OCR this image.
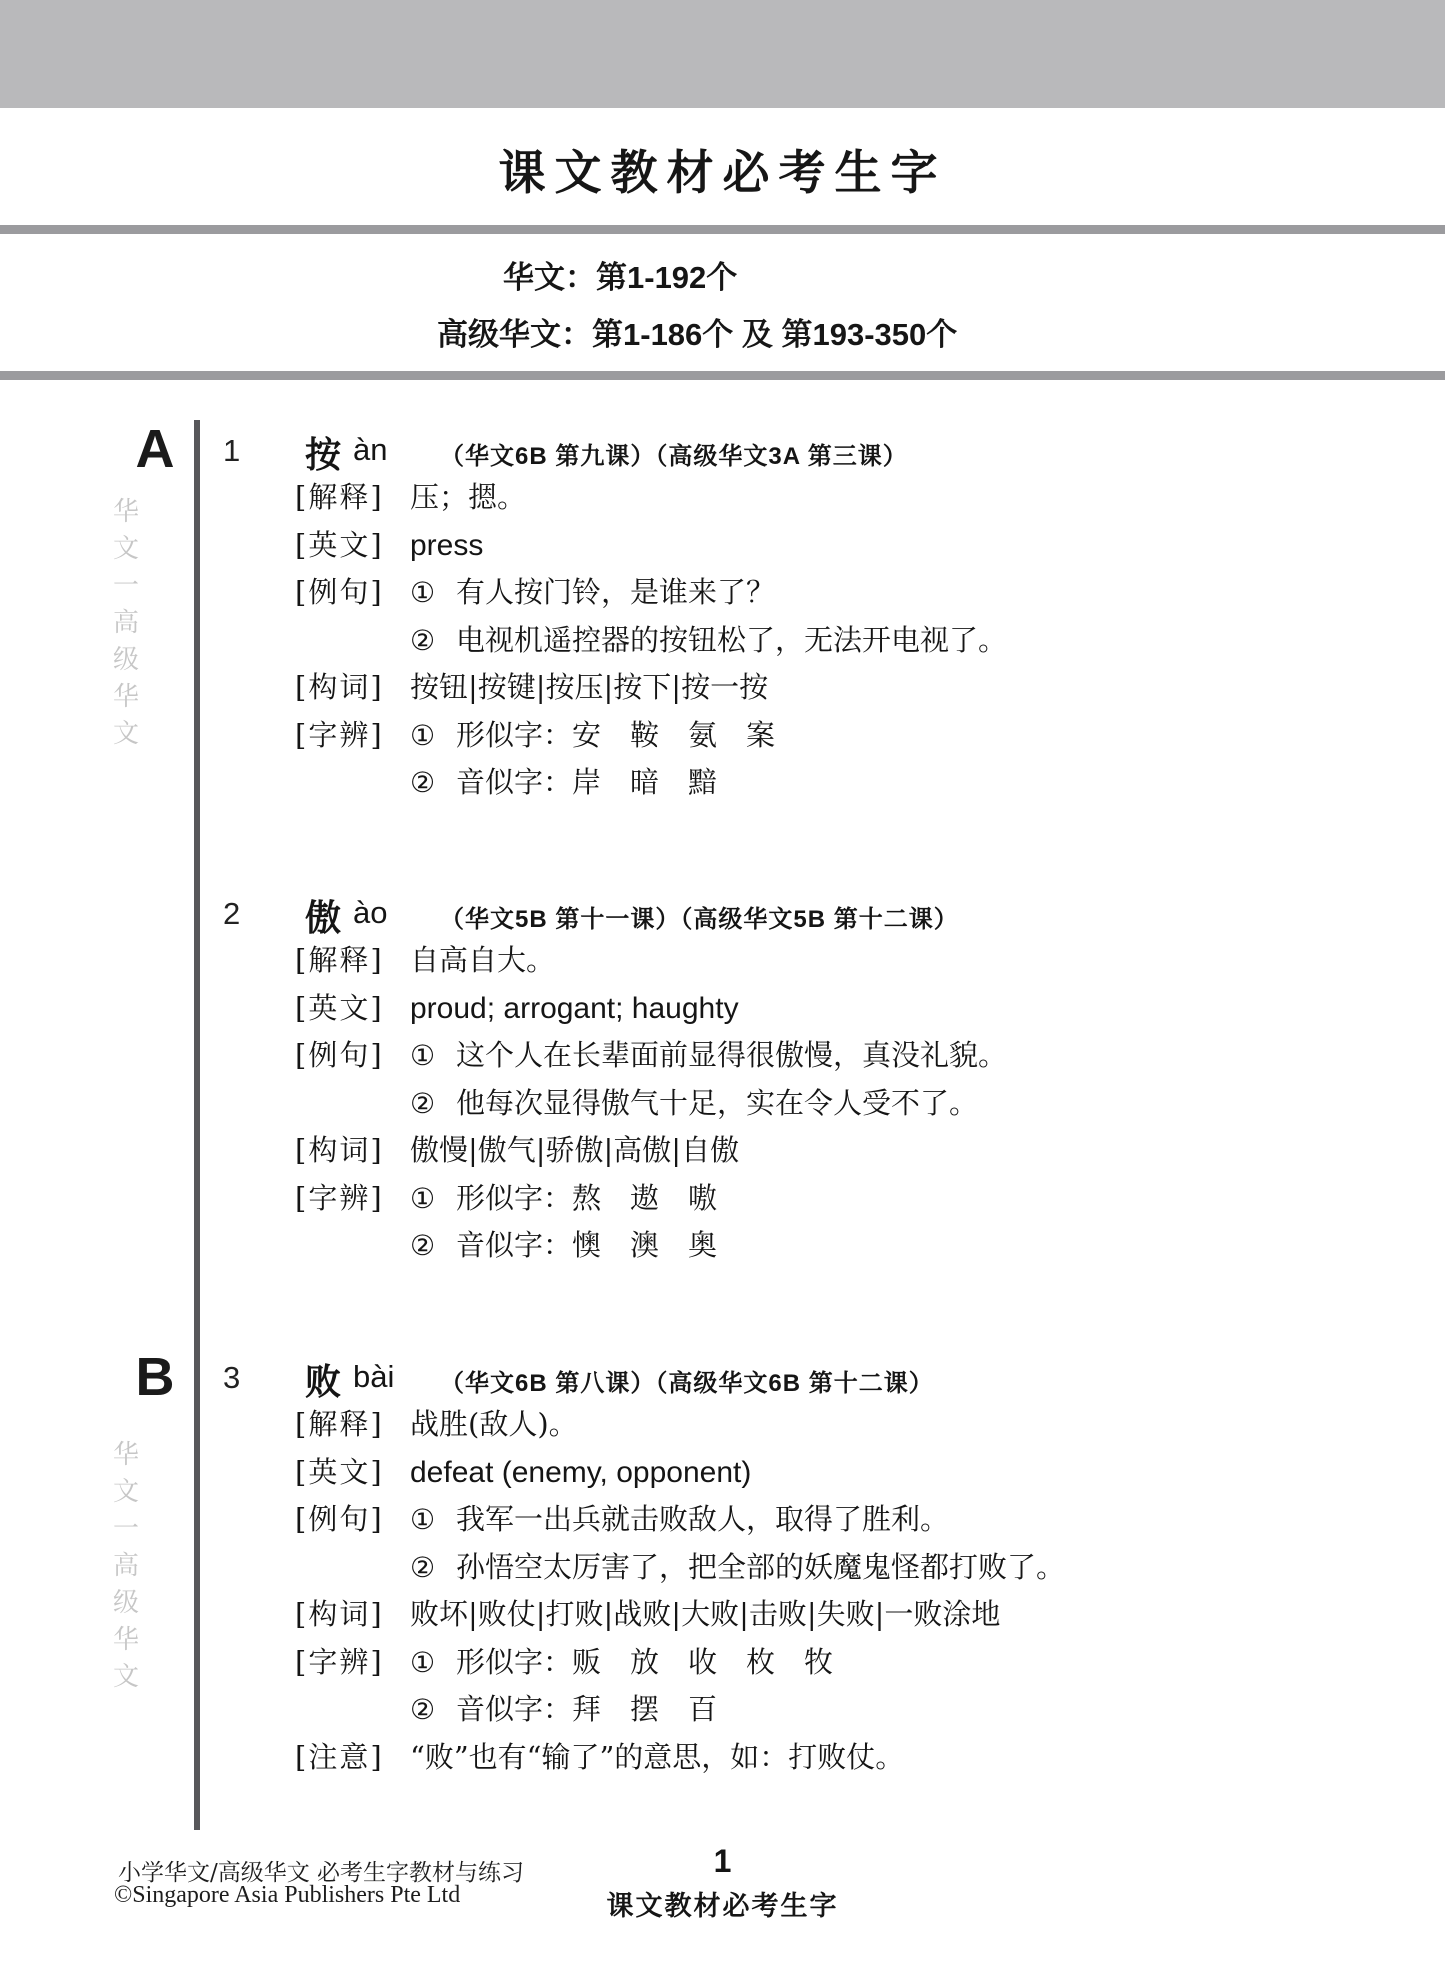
课文教材必考生字
华文：第1-192个
高级华文：第1-186个 及 第193-350个
A
华文一高级华文
B
华文一高级华文
1 按 àn （华文6B 第九课）（高级华文3A 第三课）
[解释] 压；摁。
[英文] press
[例句] ① 有人按门铃，是谁来了？
② 电视机遥控器的按钮松了，无法开电视了。
[构词] 按钮|按键|按压|按下|按一按
[字辨] ① 形似字：安　鞍　氨　案
② 音似字：岸　暗　黯
2 傲 ào （华文5B 第十一课）（高级华文5B 第十二课）
[解释] 自高自大。
[英文] proud; arrogant; haughty
[例句] ① 这个人在长辈面前显得很傲慢，真没礼貌。
② 他每次显得傲气十足，实在令人受不了。
[构词] 傲慢|傲气|骄傲|高傲|自傲
[字辨] ① 形似字：熬　遨　嗷
② 音似字：懊　澳　奥
3 败 bài （华文6B 第八课）（高级华文6B 第十二课）
[解释] 战胜(敌人)。
[英文] defeat (enemy, opponent)
[例句] ① 我军一出兵就击败敌人，取得了胜利。
② 孙悟空太厉害了，把全部的妖魔鬼怪都打败了。
[构词] 败坏|败仗|打败|战败|大败|击败|失败|一败涂地
[字辨] ① 形似字：贩　放　收　枚　牧
② 音似字：拜　摆　百
[注意] “败”也有“输了”的意思，如：打败仗。
小学华文/高级华文 必考生字教材与练习
©Singapore Asia Publishers Pte Ltd
1
课文教材必考生字
